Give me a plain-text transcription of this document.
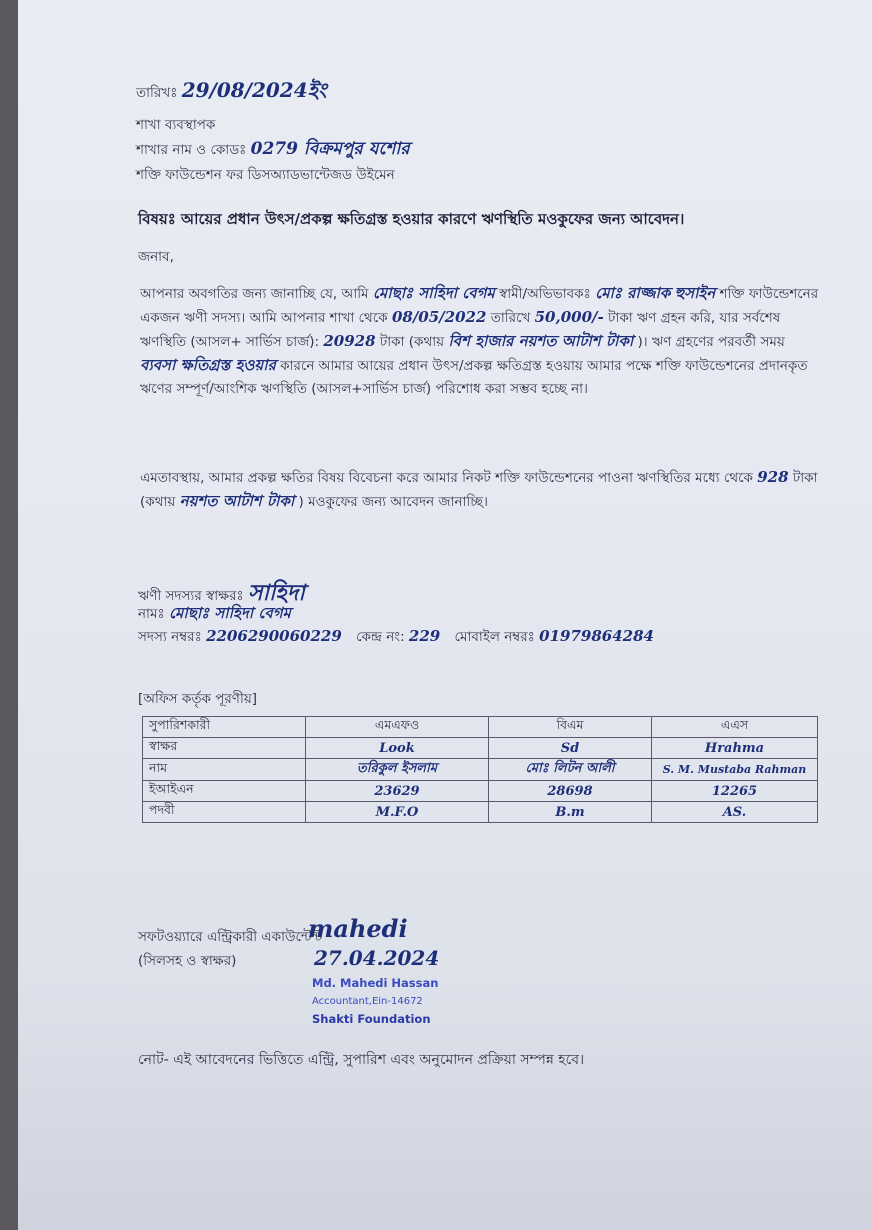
তারিখঃ 29/08/2024ইং
শাখা ব্যবস্থাপক
শাখার নাম ও কোডঃ 0279 বিক্রমপুর যশোর
শক্তি ফাউন্ডেশন ফর ডিসঅ্যাডভান্টেজড উইমেন
বিষয়ঃ আয়ের প্রধান উৎস/প্রকল্প ক্ষতিগ্রস্ত হওয়ার কারণে ঋণস্থিতি মওকুফের জন্য আবেদন।
জনাব,
আপনার অবগতির জন্য জানাচ্ছি যে, আমি মোছাঃ সাহিদা বেগম স্বামী/অভিভাবকঃ মোঃ রাজ্জাক হুসাইন শক্তি ফাউন্ডেশনের একজন ঋণী সদস্য। আমি আপনার শাখা থেকে 08/05/2022 তারিখে 50,000/- টাকা ঋণ গ্রহন করি, যার সর্বশেষ ঋণস্থিতি (আসল+ সার্ভিস চার্জ): 20928 টাকা (কথায় বিশ হাজার নয়শত আটাশ টাকা )। ঋণ গ্রহণের পরবর্তী সময় ব্যবসা ক্ষতিগ্রস্ত হওয়ার কারনে আমার আয়ের প্রধান উৎস/প্রকল্প ক্ষতিগ্রস্ত হওয়ায় আমার পক্ষে শক্তি ফাউন্ডেশনের প্রদানকৃত ঋণের সম্পূর্ণ/আংশিক ঋণস্থিতি (আসল+সার্ভিস চার্জ) পরিশোধ করা সম্ভব হচ্ছে না।
এমতাবস্থায়, আমার প্রকল্প ক্ষতির বিষয় বিবেচনা করে আমার নিকট শক্তি ফাউন্ডেশনের পাওনা ঋণস্থিতির মধ্যে থেকে 928 টাকা (কথায় নয়শত আটাশ টাকা ) মওকুফের জন্য আবেদন জানাচ্ছি।
ঋণী সদস্যর স্বাক্ষরঃ সাহিদা
নামঃ মোছাঃ সাহিদা বেগম
সদস্য নম্বরঃ 2206290060229 কেন্দ্র নং: 229 মোবাইল নম্বরঃ 01979864284
[অফিস কর্তৃক পূরণীয়]
সুপারিশকারী	এমএফও	বিএম	এএস
স্বাক্ষর	Look	Sd	Hrahma
নাম	তরিকুল ইসলাম	মোঃ লিটন আলী	S. M. Mustaba Rahman
ইআইএন	23629	28698	12265
পদবী	M.F.O	B.m	AS.
সফটওয়্যারে এন্ট্রিকারী একাউন্টেন্ট
(সিলসহ ও স্বাক্ষর)
mahedi
27.04.2024
Md. Mahedi Hassan
Accountant,Ein-14672
Shakti Foundation
নোট- এই আবেদনের ভিত্তিতে এন্ট্রি, সুপারিশ এবং অনুমোদন প্রক্রিয়া সম্পন্ন হবে।
